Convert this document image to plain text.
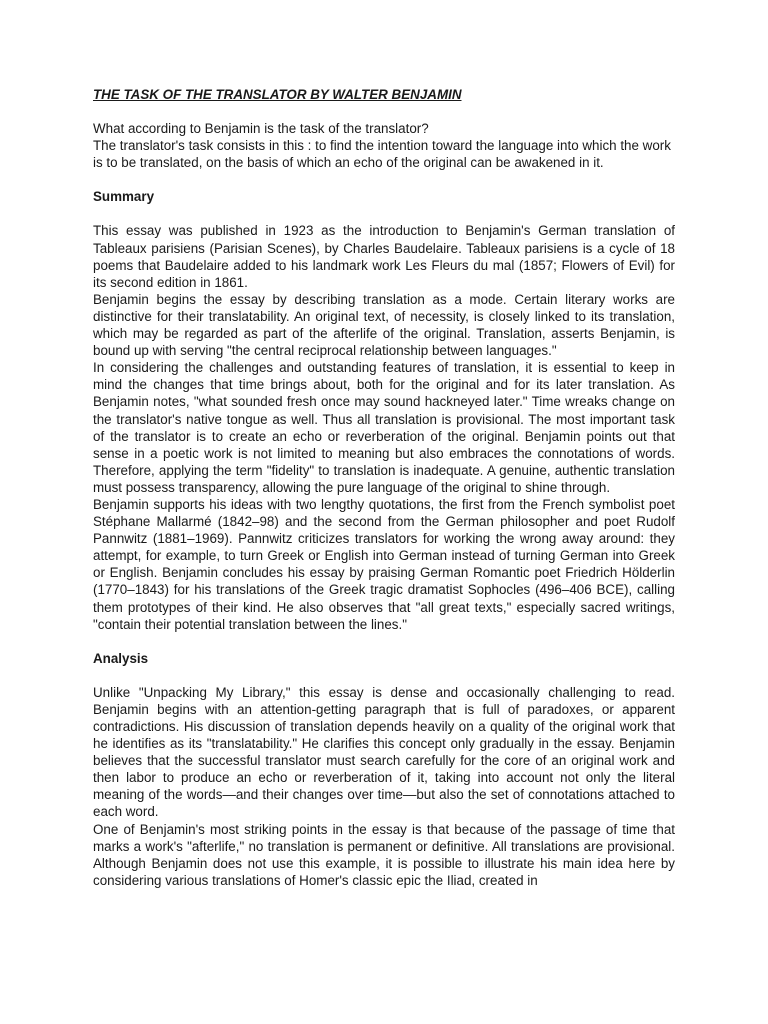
THE TASK OF THE TRANSLATOR BY WALTER BENJAMIN

What according to Benjamin is the task of the translator?

The translator's task consists in this : to find the intention toward the language into which the work is to be translated, on the basis of which an echo of the original can be awakened in it.

Summary

This essay was published in 1923 as the introduction to Benjamin's German translation of Tableaux parisiens (Parisian Scenes), by Charles Baudelaire. Tableaux parisiens is a cycle of 18 poems that Baudelaire added to his landmark work Les Fleurs du mal (1857; Flowers of Evil) for its second edition in 1861.

Benjamin begins the essay by describing translation as a mode. Certain literary works are distinctive for their translatability. An original text, of necessity, is closely linked to its translation, which may be regarded as part of the afterlife of the original. Translation, asserts Benjamin, is bound up with serving "the central reciprocal relationship between languages."

In considering the challenges and outstanding features of translation, it is essential to keep in mind the changes that time brings about, both for the original and for its later translation. As Benjamin notes, "what sounded fresh once may sound hackneyed later." Time wreaks change on the translator's native tongue as well. Thus all translation is provisional. The most important task of the translator is to create an echo or reverberation of the original. Benjamin points out that sense in a poetic work is not limited to meaning but also embraces the connotations of words. Therefore, applying the term "fidelity" to translation is inadequate. A genuine, authentic translation must possess transparency, allowing the pure language of the original to shine through.

Benjamin supports his ideas with two lengthy quotations, the first from the French symbolist poet Stéphane Mallarmé (1842–98) and the second from the German philosopher and poet Rudolf Pannwitz (1881–1969). Pannwitz criticizes translators for working the wrong away around: they attempt, for example, to turn Greek or English into German instead of turning German into Greek or English. Benjamin concludes his essay by praising German Romantic poet Friedrich Hölderlin (1770–1843) for his translations of the Greek tragic dramatist Sophocles (496–406 BCE), calling them prototypes of their kind. He also observes that "all great texts," especially sacred writings, "contain their potential translation between the lines."

Analysis

Unlike "Unpacking My Library," this essay is dense and occasionally challenging to read. Benjamin begins with an attention-getting paragraph that is full of paradoxes, or apparent contradictions. His discussion of translation depends heavily on a quality of the original work that he identifies as its "translatability." He clarifies this concept only gradually in the essay. Benjamin believes that the successful translator must search carefully for the core of an original work and then labor to produce an echo or reverberation of it, taking into account not only the literal meaning of the words—and their changes over time—but also the set of connotations attached to each word.

One of Benjamin's most striking points in the essay is that because of the passage of time that marks a work's "afterlife," no translation is permanent or definitive. All translations are provisional. Although Benjamin does not use this example, it is possible to illustrate his main idea here by considering various translations of Homer's classic epic the Iliad, created in
